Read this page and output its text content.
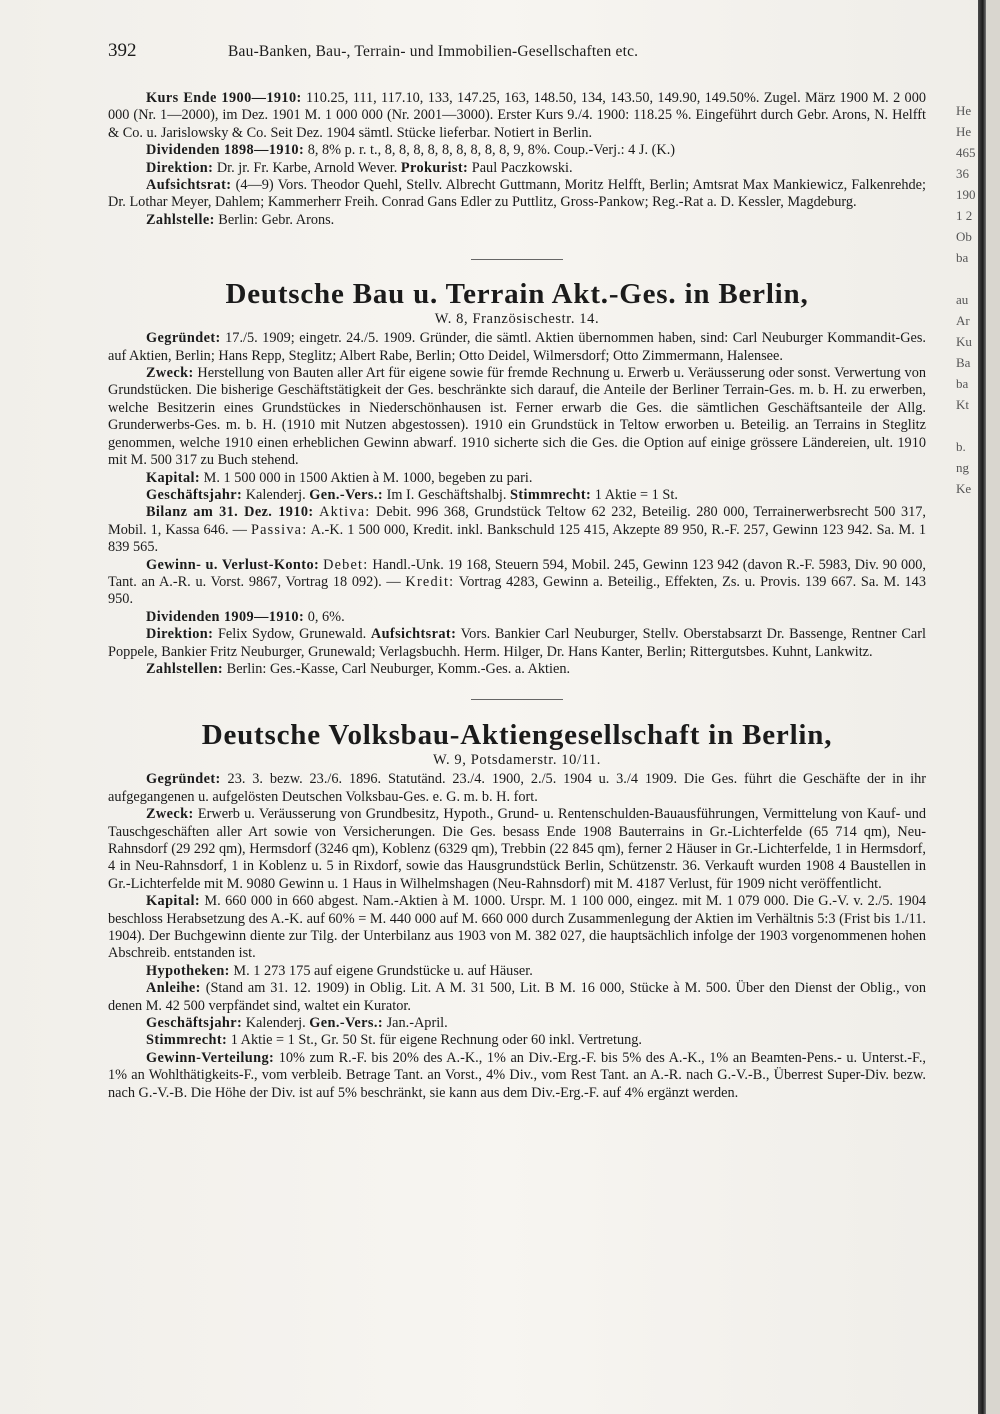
He
He
465
36
190
1 2
Ob
ba

au
Ar
Ku
Ba
ba
Kt

b.
ng
Ke
392	Bau-Banken, Bau-, Terrain- und Immobilien-Gesellschaften etc.

Kurs Ende 1900—1910: 110.25, 111, 117.10, 133, 147.25, 163, 148.50, 134, 143.50, 149.90, 149.50%. Zugel. März 1900 M. 2 000 000 (Nr. 1—2000), im Dez. 1901 M. 1 000 000 (Nr. 2001—3000). Erster Kurs 9./4. 1900: 118.25 %. Eingeführt durch Gebr. Arons, N. Helfft & Co. u. Jarislowsky & Co. Seit Dez. 1904 sämtl. Stücke lieferbar. Notiert in Berlin.

Dividenden 1898—1910: 8, 8% p. r. t., 8, 8, 8, 8, 8, 8, 8, 8, 8, 9, 8%. Coup.-Verj.: 4 J. (K.)

Direktion: Dr. jr. Fr. Karbe, Arnold Wever. Prokurist: Paul Paczkowski.

Aufsichtsrat: (4—9) Vors. Theodor Quehl, Stellv. Albrecht Guttmann, Moritz Helfft, Berlin; Amtsrat Max Mankiewicz, Falkenrehde; Dr. Lothar Meyer, Dahlem; Kammerherr Freih. Conrad Gans Edler zu Puttlitz, Gross-Pankow; Reg.-Rat a. D. Kessler, Magdeburg.

Zahlstelle: Berlin: Gebr. Arons.

Deutsche Bau u. Terrain Akt.-Ges. in Berlin,
W. 8, Französischestr. 14.

Gegründet: 17./5. 1909; eingetr. 24./5. 1909. Gründer, die sämtl. Aktien übernommen haben, sind: Carl Neuburger Kommandit-Ges. auf Aktien, Berlin; Hans Repp, Steglitz; Albert Rabe, Berlin; Otto Deidel, Wilmersdorf; Otto Zimmermann, Halensee.

Zweck: Herstellung von Bauten aller Art für eigene sowie für fremde Rechnung u. Erwerb u. Veräusserung oder sonst. Verwertung von Grundstücken. Die bisherige Geschäftstätigkeit der Ges. beschränkte sich darauf, die Anteile der Berliner Terrain-Ges. m. b. H. zu erwerben, welche Besitzerin eines Grundstückes in Niederschönhausen ist. Ferner erwarb die Ges. die sämtlichen Geschäftsanteile der Allg. Grunderwerbs-Ges. m. b. H. (1910 mit Nutzen abgestossen). 1910 ein Grundstück in Teltow erworben u. Beteilig. an Terrains in Steglitz genommen, welche 1910 einen erheblichen Gewinn abwarf. 1910 sicherte sich die Ges. die Option auf einige grössere Ländereien, ult. 1910 mit M. 500 317 zu Buch stehend.

Kapital: M. 1 500 000 in 1500 Aktien à M. 1000, begeben zu pari.

Geschäftsjahr: Kalenderj. Gen.-Vers.: Im I. Geschäftshalbj. Stimmrecht: 1 Aktie = 1 St.

Bilanz am 31. Dez. 1910: Aktiva: Debit. 996 368, Grundstück Teltow 62 232, Beteilig. 280 000, Terrainerwerbsrecht 500 317, Mobil. 1, Kassa 646. — Passiva: A.-K. 1 500 000, Kredit. inkl. Bankschuld 125 415, Akzepte 89 950, R.-F. 257, Gewinn 123 942. Sa. M. 1 839 565.

Gewinn- u. Verlust-Konto: Debet: Handl.-Unk. 19 168, Steuern 594, Mobil. 245, Gewinn 123 942 (davon R.-F. 5983, Div. 90 000, Tant. an A.-R. u. Vorst. 9867, Vortrag 18 092). — Kredit: Vortrag 4283, Gewinn a. Beteilig., Effekten, Zs. u. Provis. 139 667. Sa. M. 143 950.

Dividenden 1909—1910: 0, 6%.

Direktion: Felix Sydow, Grunewald. Aufsichtsrat: Vors. Bankier Carl Neuburger, Stellv. Oberstabsarzt Dr. Bassenge, Rentner Carl Poppele, Bankier Fritz Neuburger, Grunewald; Verlagsbuchh. Herm. Hilger, Dr. Hans Kanter, Berlin; Rittergutsbes. Kuhnt, Lankwitz.

Zahlstellen: Berlin: Ges.-Kasse, Carl Neuburger, Komm.-Ges. a. Aktien.

Deutsche Volksbau-Aktiengesellschaft in Berlin,
W. 9, Potsdamerstr. 10/11.

Gegründet: 23. 3. bezw. 23./6. 1896. Statutänd. 23./4. 1900, 2./5. 1904 u. 3./4 1909. Die Ges. führt die Geschäfte der in ihr aufgegangenen u. aufgelösten Deutschen Volksbau-Ges. e. G. m. b. H. fort.

Zweck: Erwerb u. Veräusserung von Grundbesitz, Hypoth., Grund- u. Rentenschulden-Bauausführungen, Vermittelung von Kauf- und Tauschgeschäften aller Art sowie von Versicherungen. Die Ges. besass Ende 1908 Bauterrains in Gr.-Lichterfelde (65 714 qm), Neu-Rahnsdorf (29 292 qm), Hermsdorf (3246 qm), Koblenz (6329 qm), Trebbin (22 845 qm), ferner 2 Häuser in Gr.-Lichterfelde, 1 in Hermsdorf, 4 in Neu-Rahnsdorf, 1 in Koblenz u. 5 in Rixdorf, sowie das Hausgrundstück Berlin, Schützenstr. 36. Verkauft wurden 1908 4 Baustellen in Gr.-Lichterfelde mit M. 9080 Gewinn u. 1 Haus in Wilhelmshagen (Neu-Rahnsdorf) mit M. 4187 Verlust, für 1909 nicht veröffentlicht.

Kapital: M. 660 000 in 660 abgest. Nam.-Aktien à M. 1000. Urspr. M. 1 100 000, eingez. mit M. 1 079 000. Die G.-V. v. 2./5. 1904 beschloss Herabsetzung des A.-K. auf 60% = M. 440 000 auf M. 660 000 durch Zusammenlegung der Aktien im Verhältnis 5:3 (Frist bis 1./11. 1904). Der Buchgewinn diente zur Tilg. der Unterbilanz aus 1903 von M. 382 027, die hauptsächlich infolge der 1903 vorgenommenen hohen Abschreib. entstanden ist.

Hypotheken: M. 1 273 175 auf eigene Grundstücke u. auf Häuser.

Anleihe: (Stand am 31. 12. 1909) in Oblig. Lit. A M. 31 500, Lit. B M. 16 000, Stücke à M. 500. Über den Dienst der Oblig., von denen M. 42 500 verpfändet sind, waltet ein Kurator.

Geschäftsjahr: Kalenderj. Gen.-Vers.: Jan.-April.

Stimmrecht: 1 Aktie = 1 St., Gr. 50 St. für eigene Rechnung oder 60 inkl. Vertretung.

Gewinn-Verteilung: 10% zum R.-F. bis 20% des A.-K., 1% an Div.-Erg.-F. bis 5% des A.-K., 1% an Beamten-Pens.- u. Unterst.-F., 1% an Wohlthätigkeits-F., vom verbleib. Betrage Tant. an Vorst., 4% Div., vom Rest Tant. an A.-R. nach G.-V.-B., Überrest Super-Div. bezw. nach G.-V.-B. Die Höhe der Div. ist auf 5% beschränkt, sie kann aus dem Div.-Erg.-F. auf 4% ergänzt werden.
